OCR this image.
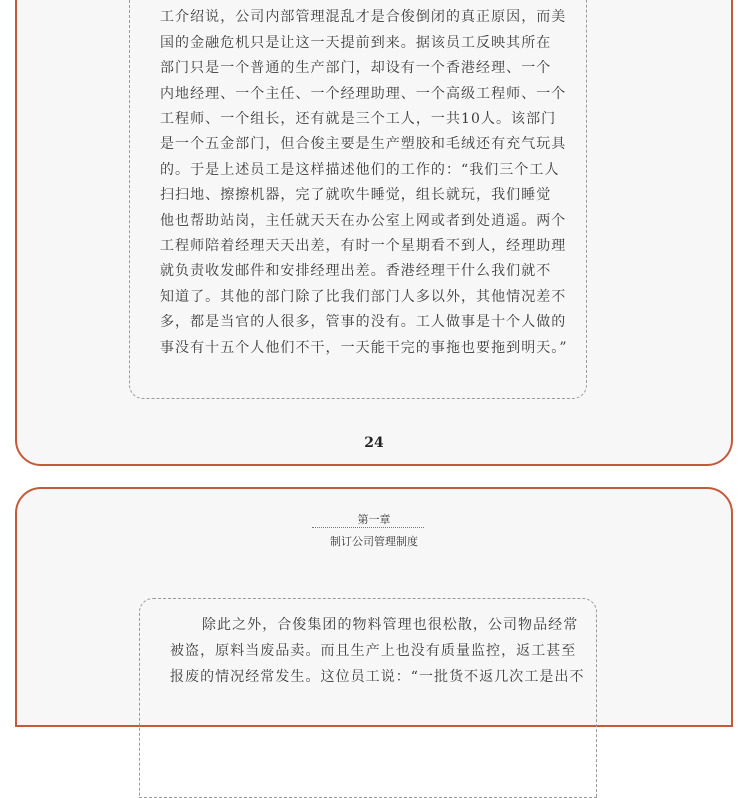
工介绍说，公司内部管理混乱才是合俊倒闭的真正原因，而美
国的金融危机只是让这一天提前到来。据该员工反映其所在
部门只是一个普通的生产部门，却设有一个香港经理、一个
内地经理、一个主任、一个经理助理、一个高级工程师、一个
工程师、一个组长，还有就是三个工人，一共10人。该部门
是一个五金部门，但合俊主要是生产塑胶和毛绒还有充气玩具
的。于是上述员工是这样描述他们的工作的：“我们三个工人
扫扫地、擦擦机器，完了就吹牛睡觉，组长就玩，我们睡觉
他也帮助站岗，主任就天天在办公室上网或者到处逍遥。两个
工程师陪着经理天天出差，有时一个星期看不到人，经理助理
就负责收发邮件和安排经理出差。香港经理干什么我们就不
知道了。其他的部门除了比我们部门人多以外，其他情况差不
多，都是当官的人很多，管事的没有。工人做事是十个人做的
事没有十五个人他们不干，一天能干完的事拖也要拖到明天。”
24
第一章
制订公司管理制度
除此之外，合俊集团的物料管理也很松散，公司物品经常
被盗，原料当废品卖。而且生产上也没有质量监控，返工甚至
报废的情况经常发生。这位员工说：“一批货不返几次工是出不
